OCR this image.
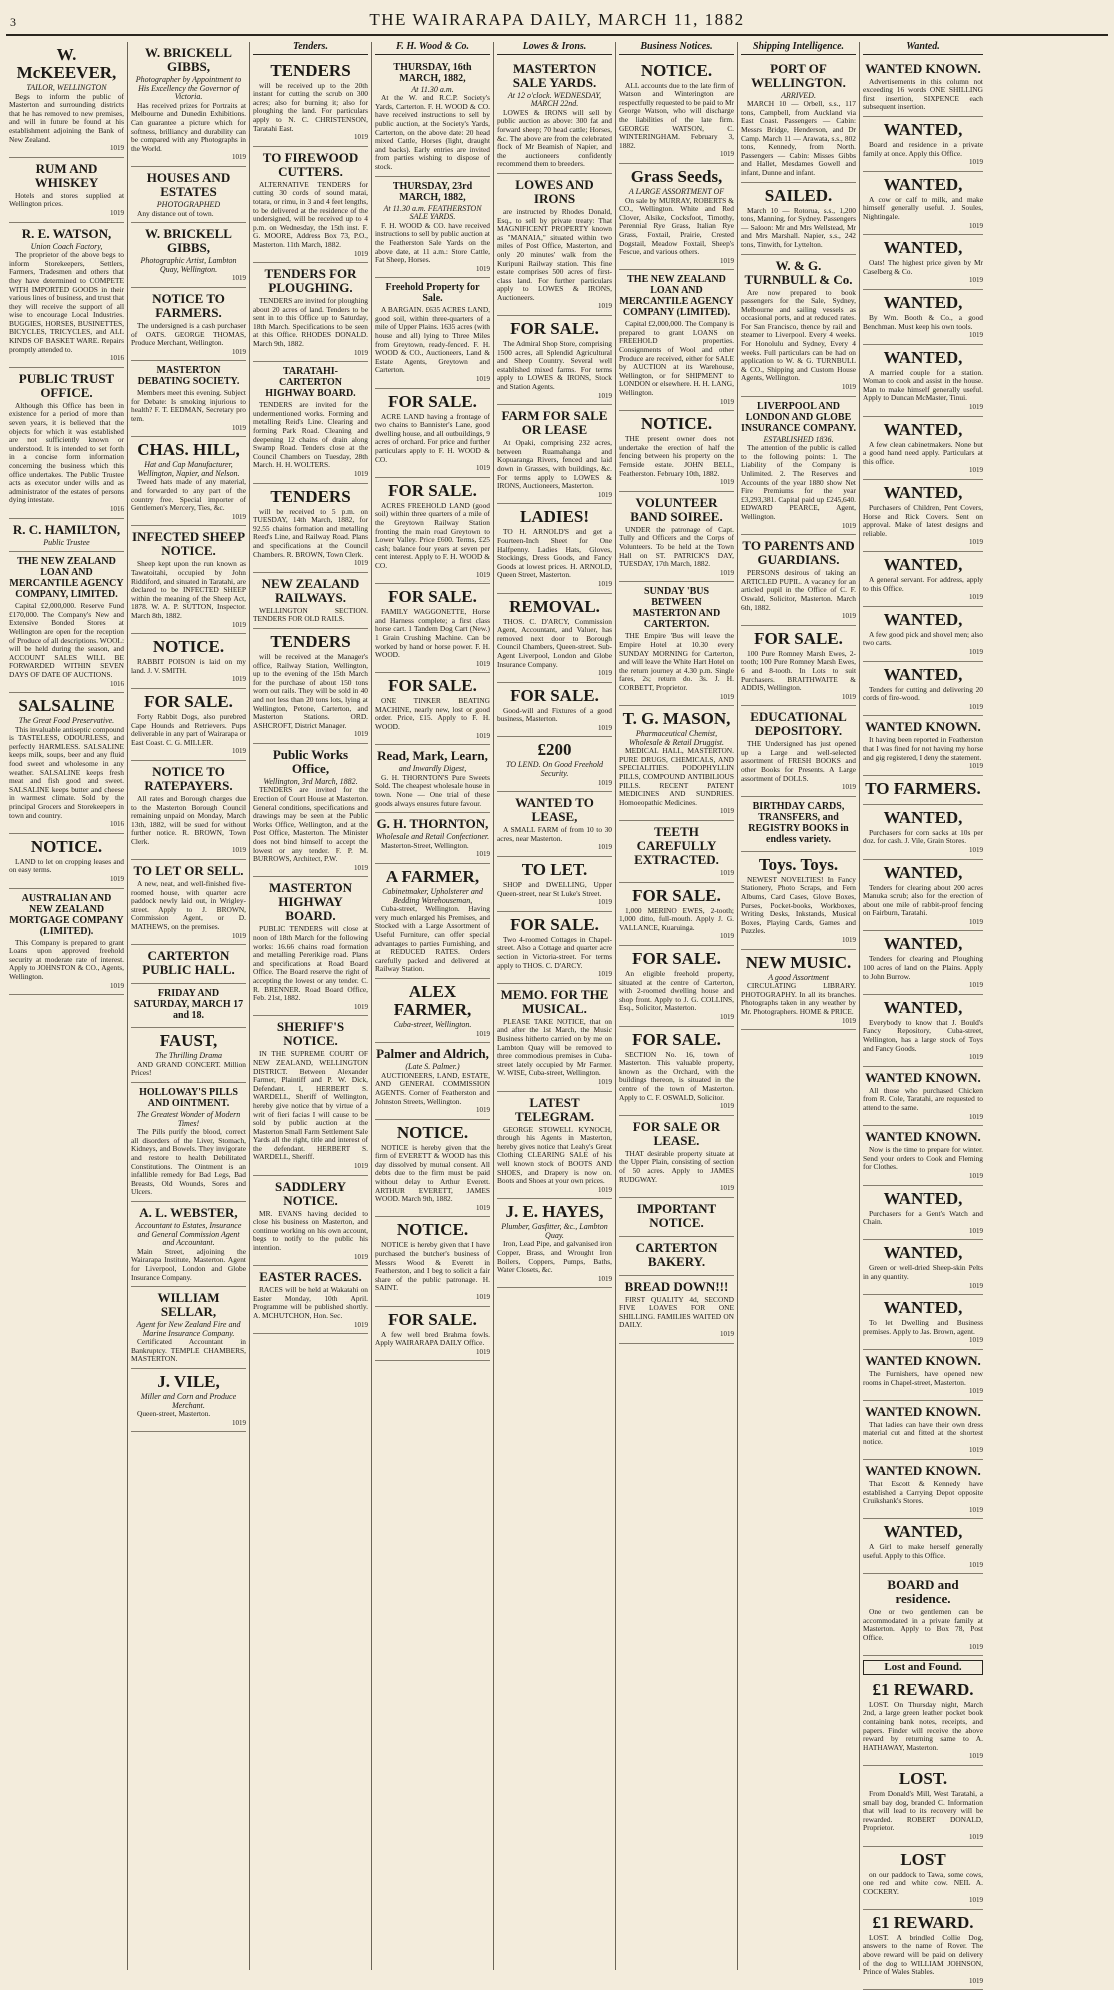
3	THE WAIRARAPA DAILY, MARCH 11, 1882
W. McKEEVER,
TAILOR, WELLINGTON
Begs to inform the public of Masterton and surrounding districts that he has removed to new premises, and will in future be found at his establishment adjoining the Bank of New Zealand.
1019
RUM AND WHISKEY
Hotels and stores supplied at Wellington prices.
1019
R. E. WATSON,
Union Coach Factory,
The proprietor of the above begs to inform Storekeepers, Settlers, Farmers, Tradesmen and others that they have determined to COMPETE WITH IMPORTED GOODS in their various lines of business, and trust that they will receive the support of all wise to encourage Local Industries. BUGGIES, HORSES, BUSINETTES, BICYCLES, TRICYCLES, and ALL KINDS OF BASKET WARE. Repairs promptly attended to.
1016
PUBLIC TRUST OFFICE.
Although this Office has been in existence for a period of more than seven years, it is believed that the objects for which it was established are not sufficiently known or understood. It is intended to set forth in a concise form information concerning the business which this office undertakes. The Public Trustee acts as executor under wills and as administrator of the estates of persons dying intestate.
1016
R. C. HAMILTON,
Public Trustee
THE NEW ZEALAND LOAN AND MERCANTILE AGENCY COMPANY, LIMITED.
Capital £2,000,000. Reserve Fund £170,000. The Company's New and Extensive Bonded Stores at Wellington are open for the reception of Produce of all descriptions. WOOL: will be held during the season, and ACCOUNT SALES WILL BE FORWARDED WITHIN SEVEN DAYS OF DATE OF AUCTIONS.
1016
SALSALINE
The Great Food Preservative.
This invaluable antiseptic compound is TASTELESS, ODOURLESS, and perfectly HARMLESS. SALSALINE keeps milk, soups, beer and any fluid food sweet and wholesome in any weather. SALSALINE keeps fresh meat and fish good and sweet. SALSALINE keeps butter and cheese in warmest climate. Sold by the principal Grocers and Storekeepers in town and country.
1016
NOTICE.
LAND to let on cropping leases and on easy terms.
1019
AUSTRALIAN AND NEW ZEALAND MORTGAGE COMPANY (LIMITED).
This Company is prepared to grant Loans upon approved freehold security at moderate rate of interest. Apply to JOHNSTON & CO., Agents, Wellington.
1019
W. BRICKELL GIBBS,
Photographer by Appointment to His Excellency the Governor of Victoria.
Has received prizes for Portraits at Melbourne and Dunedin Exhibitions. Can guarantee a picture which for softness, brilliancy and durability can be compared with any Photographs in the World.
1019
HOUSES AND ESTATES
PHOTOGRAPHED
Any distance out of town.
W. BRICKELL GIBBS,
Photographic Artist, Lambton Quay, Wellington.
1019
NOTICE TO FARMERS.
The undersigned is a cash purchaser of OATS. GEORGE THOMAS, Produce Merchant, Wellington.
1019
MASTERTON DEBATING SOCIETY.
Members meet this evening. Subject for Debate: Is smoking injurious to health? F. T. EEDMAN, Secretary pro tem.
1019
CHAS. HILL,
Hat and Cap Manufacturer, Wellington, Napier, and Nelson.
Tweed hats made of any material, and forwarded to any part of the country free. Special importer of Gentlemen's Mercery, Ties, &c.
1019
INFECTED SHEEP NOTICE.
Sheep kept upon the run known as Tawatoitahi, occupied by John Riddiford, and situated in Taratahi, are declared to be INFECTED SHEEP within the meaning of the Sheep Act, 1878. W. A. P. SUTTON, Inspector. March 8th, 1882.
1019
NOTICE.
RABBIT POISON is laid on my land. J. V. SMITH.
1019
FOR SALE.
Forty Rabbit Dogs, also purebred Cape Hounds and Retrievers. Pups deliverable in any part of Wairarapa or East Coast. C. G. MILLER.
1019
NOTICE TO RATEPAYERS.
All rates and Borough charges due to the Masterton Borough Council remaining unpaid on Monday, March 13th, 1882, will be sued for without further notice. R. BROWN, Town Clerk.
1019
TO LET OR SELL.
A new, neat, and well-finished five-roomed house, with quarter acre paddock newly laid out, in Wrigley-street. Apply to J. BROWN, Commission Agent, or D. MATHEWS, on the premises.
1019
CARTERTON PUBLIC HALL.
FRIDAY AND SATURDAY, MARCH 17 and 18.
FAUST,
The Thrilling Drama
AND GRAND CONCERT. Million Prices!
HOLLOWAY'S PILLS AND OINTMENT.
The Greatest Wonder of Modern Times!
The Pills purify the blood, correct all disorders of the Liver, Stomach, Kidneys, and Bowels. They invigorate and restore to health Debilitated Constitutions. The Ointment is an infallible remedy for Bad Legs, Bad Breasts, Old Wounds, Sores and Ulcers.
A. L. WEBSTER,
Accountant to Estates, Insurance and General Commission Agent and Accountant.
Main Street, adjoining the Wairarapa Institute, Masterton. Agent for Liverpool, London and Globe Insurance Company.
WILLIAM SELLAR,
Agent for New Zealand Fire and Marine Insurance Company.
Certificated Accountant in Bankruptcy. TEMPLE CHAMBERS, MASTERTON.
J. VILE,
Miller and Corn and Produce Merchant.
Queen-street, Masterton.
1019
Tenders.
TENDERS
will be received up to the 20th instant for cutting the scrub on 300 acres; also for burning it; also for ploughing the land. For particulars apply to N. C. CHRISTENSON, Taratahi East.
1019
TO FIREWOOD CUTTERS.
ALTERNATIVE TENDERS for cutting 30 cords of sound matai, totara, or rimu, in 3 and 4 feet lengths, to be delivered at the residence of the undersigned, will be received up to 4 p.m. on Wednesday, the 15th inst. F. G. MOORE, Address Box 73, P.O., Masterton. 11th March, 1882.
1019
TENDERS FOR PLOUGHING.
TENDERS are invited for ploughing about 20 acres of land. Tenders to be sent in to this Office up to Saturday, 18th March. Specifications to be seen at this Office. RHODES DONALD. March 9th, 1882.
1019
TARATAHI-CARTERTON HIGHWAY BOARD.
TENDERS are invited for the undermentioned works. Forming and metalling Reid's Line. Clearing and forming Park Road. Cleaning and deepening 12 chains of drain along Swamp Road. Tenders close at the Council Chambers on Tuesday, 28th March. H. H. WOLTERS.
1019
TENDERS
will be received to 5 p.m. on TUESDAY, 14th March, 1882, for 92.55 chains formation and metalling Reed's Line, and Railway Road. Plans and specifications at the Council Chambers. R. BROWN, Town Clerk.
1019
NEW ZEALAND RAILWAYS.
WELLINGTON SECTION. TENDERS FOR OLD RAILS.
TENDERS
will be received at the Manager's office, Railway Station, Wellington, up to the evening of the 15th March for the purchase of about 150 tons worn out rails. They will be sold in 40 and not less than 20 tons lots, lying at Wellington, Petone, Carterton, and Masterton Stations. ORD. ASHCROFT, District Manager.
1019
Public Works Office,
Wellington, 3rd March, 1882.
TENDERS are invited for the Erection of Court House at Masterton. General conditions, specifications and drawings may be seen at the Public Works Office, Wellington, and at the Post Office, Masterton. The Minister does not bind himself to accept the lowest or any tender. F. P. M. BURROWS, Architect, P.W.
1019
MASTERTON HIGHWAY BOARD.
PUBLIC TENDERS will close at noon of 18th March for the following works: 16.66 chains road formation and metalling Pererikige road. Plans and specifications at Road Board Office. The Board reserve the right of accepting the lowest or any tender. C. R. BRENNER. Road Board Office, Feb. 21st, 1882.
1019
SHERIFF'S NOTICE.
IN THE SUPREME COURT OF NEW ZEALAND, WELLINGTON DISTRICT. Between Alexander Farmer, Plaintiff and P. W. Dick, Defendant. I, HERBERT S. WARDELL, Sheriff of Wellington, hereby give notice that by virtue of a writ of fieri facias I will cause to be sold by public auction at the Masterton Small Farm Settlement Sale Yards all the right, title and interest of the defendant. HERBERT S. WARDELL, Sheriff.
1019
SADDLERY NOTICE.
MR. EVANS having decided to close his business on Masterton, and continue working on his own account, begs to notify to the public his intention.
1019
EASTER RACES.
RACES will be held at Wakatahi on Easter Monday, 10th April. Programme will be published shortly. A. MCHUTCHON, Hon. Sec.
1019
F. H. Wood & Co.
THURSDAY, 16th MARCH, 1882,
At 11.30 a.m.
At the W. and R.C.P. Society's Yards, Carterton. F. H. WOOD & CO. have received instructions to sell by public auction, at the Society's Yards, Carterton, on the above date: 20 head mixed Cattle, Horses (light, draught and backs). Early entries are invited from parties wishing to dispose of stock.
THURSDAY, 23rd MARCH, 1882,
At 11.30 a.m. FEATHERSTON SALE YARDS.
F. H. WOOD & CO. have received instructions to sell by public auction at the Featherston Sale Yards on the above date, at 11 a.m.: Store Cattle, Fat Sheep, Horses.
1019
Freehold Property for Sale.
A BARGAIN. £635 ACRES LAND, good soil, within three-quarters of a mile of Upper Plains. 1635 acres (with house and all) lying to Three Miles from Greytown, ready-fenced. F. H. WOOD & CO., Auctioneers, Land & Estate Agents, Greytown and Carterton.
1019
FOR SALE.
ACRE LAND having a frontage of two chains to Bannister's Lane, good dwelling house, and all outbuildings, 9 acres of orchard. For price and further particulars apply to F. H. WOOD & CO.
1019
FOR SALE.
ACRES FREEHOLD LAND (good soil) within three quarters of a mile of the Greytown Railway Station fronting the main road Greytown to Lower Valley. Price £600. Terms, £25 cash; balance four years at seven per cent interest. Apply to F. H. WOOD & CO.
1019
FOR SALE.
FAMILY WAGGONETTE, Horse and Harness complete; a first class horse cart. 1 Tandem Dog Cart (New.) 1 Grain Crushing Machine. Can be worked by hand or horse power. F. H. WOOD.
1019
FOR SALE.
ONE TINKER BEATING MACHINE, nearly new, lost or good order. Price, £15. Apply to F. H. WOOD.
1019
Read, Mark, Learn,
and Inwardly Digest,
G. H. THORNTON'S Pure Sweets Sold. The cheapest wholesale house in town. None — One trial of these goods always ensures future favour.
G. H. THORNTON,
Wholesale and Retail Confectioner.
Masterton-Street, Wellington.
1019
A FARMER,
Cabinetmaker, Upholsterer and Bedding Warehouseman,
Cuba-street, Wellington. Having very much enlarged his Premises, and Stocked with a Large Assortment of Useful Furniture, can offer special advantages to parties Furnishing, and at REDUCED RATES. Orders carefully packed and delivered at Railway Station.
ALEX FARMER,
Cuba-street, Wellington.
1019
Palmer and Aldrich,
(Late S. Palmer.)
AUCTIONEERS, LAND, ESTATE, AND GENERAL COMMISSION AGENTS. Corner of Featherston and Johnston Streets, Wellington.
1019
NOTICE.
NOTICE is hereby given that the firm of EVERETT & WOOD has this day dissolved by mutual consent. All debts due to the firm must be paid without delay to Arthur Everett. ARTHUR EVERETT, JAMES WOOD. March 9th, 1882.
1019
NOTICE.
NOTICE is hereby given that I have purchased the butcher's business of Messrs Wood & Everett in Featherston, and I beg to solicit a fair share of the public patronage. H. SAINT.
1019
FOR SALE.
A few well bred Brahma fowls. Apply WAIRARAPA DAILY Office.
1019
Lowes & Irons.
MASTERTON SALE YARDS.
At 12 o'clock. WEDNESDAY, MARCH 22nd.
LOWES & IRONS will sell by public auction as above: 300 fat and forward sheep; 70 head cattle; Horses, &c. The above are from the celebrated flock of Mr Beamish of Napier, and the auctioneers confidently recommend them to breeders.
LOWES AND IRONS
are instructed by Rhodes Donald, Esq., to sell by private treaty: That MAGNIFICENT PROPERTY known as "MANAIA," situated within two miles of Post Office, Masterton, and only 20 minutes' walk from the Kuripuni Railway station. This fine estate comprises 500 acres of first-class land. For further particulars apply to LOWES & IRONS, Auctioneers.
1019
FOR SALE.
The Admiral Shop Store, comprising 1500 acres, all Splendid Agricultural and Sheep Country. Several well established mixed farms. For terms apply to LOWES & IRONS, Stock and Station Agents.
1019
FARM FOR SALE OR LEASE
At Opaki, comprising 232 acres, between Ruamahanga and Kopuaranga Rivers, fenced and laid down in Grasses, with buildings, &c. For terms apply to LOWES & IRONS, Auctioneers, Masterton.
1019
LADIES!
TO H. ARNOLD'S and get a Fourteen-Inch Sheet for One Halfpenny. Ladies Hats, Gloves, Stockings, Dress Goods, and Fancy Goods at lowest prices. H. ARNOLD, Queen Street, Masterton.
1019
REMOVAL.
THOS. C. D'ARCY, Commission Agent, Accountant, and Valuer, has removed next door to Borough Council Chambers, Queen-street. Sub-Agent Liverpool, London and Globe Insurance Company.
1019
FOR SALE.
Good-will and Fixtures of a good business, Masterton.
1019
£200
TO LEND. On Good Freehold Security.
1019
WANTED TO LEASE,
A SMALL FARM of from 10 to 30 acres, near Masterton.
1019
TO LET.
SHOP and DWELLING, Upper Queen-street, near St Luke's Street.
1019
FOR SALE.
Two 4-roomed Cottages in Chapel-street. Also a Cottage and quarter acre section in Victoria-street. For terms apply to THOS. C. D'ARCY.
1019
MEMO. FOR THE MUSICAL.
PLEASE TAKE NOTICE, that on and after the 1st March, the Music Business hitherto carried on by me on Lambton Quay will be removed to three commodious premises in Cuba-street lately occupied by Mr Farmer. W. WISE, Cuba-street, Wellington.
1019
LATEST TELEGRAM.
GEORGE STOWELL KYNOCH, through his Agents in Masterton, hereby gives notice that Leahy's Great Clothing CLEARING SALE of his well known stock of BOOTS AND SHOES, and Drapery is now on. Boots and Shoes at your own prices.
1019
J. E. HAYES,
Plumber, Gasfitter, &c., Lambton Quay.
Iron, Lead Pipe, and galvanised iron Copper, Brass, and Wrought Iron Boilers, Coppers, Pumps, Baths, Water Closets, &c.
1019
Business Notices.
NOTICE.
ALL accounts due to the late firm of Watson and Winterington are respectfully requested to be paid to Mr George Watson, who will discharge the liabilities of the late firm. GEORGE WATSON, C. WINTERINGHAM. February 3, 1882.
1019
Grass Seeds,
A LARGE ASSORTMENT OF
On sale by MURRAY, ROBERTS & CO., Wellington. White and Red Clover, Alsike, Cocksfoot, Timothy, Perennial Rye Grass, Italian Rye Grass, Foxtail, Prairie, Crested Dogstail, Meadow Foxtail, Sheep's Fescue, and various others.
1019
THE NEW ZEALAND LOAN AND MERCANTILE AGENCY COMPANY (LIMITED).
Capital £2,000,000. The Company is prepared to grant LOANS on FREEHOLD properties. Consignments of Wool and other Produce are received, either for SALE by AUCTION at its Warehouse, Wellington, or for SHIPMENT to LONDON or elsewhere. H. H. LANG, Wellington.
1019
NOTICE.
THE present owner does not undertake the erection of half the fencing between his property on the Fernside estate. JOHN BELL, Featherston. February 10th, 1882.
1019
VOLUNTEER BAND SOIREE.
UNDER the patronage of Capt. Tully and Officers and the Corps of Volunteers. To be held at the Town Hall on ST. PATRICK'S DAY, TUESDAY, 17th March, 1882.
1019
SUNDAY 'BUS BETWEEN MASTERTON AND CARTERTON.
THE Empire 'Bus will leave the Empire Hotel at 10.30 every SUNDAY MORNING for Carterton, and will leave the White Hart Hotel on the return journey at 4.30 p.m. Single fares, 2s; return do. 3s. J. H. CORBETT, Proprietor.
1019
T. G. MASON,
Pharmaceutical Chemist, Wholesale & Retail Druggist.
MEDICAL HALL, MASTERTON. PURE DRUGS, CHEMICALS, AND SPECIALITIES. PODOPHYLLIN PILLS, COMPOUND ANTIBILIOUS PILLS. RECENT PATENT MEDICINES AND SUNDRIES. Homoeopathic Medicines.
1019
TEETH CAREFULLY EXTRACTED.
1019
FOR SALE.
1,000 MERINO EWES, 2-tooth; 1,000 ditto, full-mouth. Apply J. G. VALLANCE, Kuaruinga.
1019
FOR SALE.
An eligible freehold property, situated at the centre of Carterton, with 2-roomed dwelling house and shop front. Apply to J. G. COLLINS, Esq., Solicitor, Masterton.
1019
FOR SALE.
SECTION No. 16, town of Masterton. This valuable property, known as the Orchard, with the buildings thereon, is situated in the centre of the town of Masterton. Apply to C. F. OSWALD, Solicitor.
1019
FOR SALE OR LEASE.
THAT desirable property situate at the Upper Plain, consisting of section of 50 acres. Apply to JAMES RUDGWAY.
1019
IMPORTANT NOTICE.
CARTERTON BAKERY.
BREAD DOWN!!!
FIRST QUALITY 4d, SECOND FIVE LOAVES FOR ONE SHILLING. FAMILIES WAITED ON DAILY.
1019
Shipping Intelligence.
PORT OF WELLINGTON.
ARRIVED.
MARCH 10 — Orbell, s.s., 117 tons, Campbell, from Auckland via East Coast. Passengers — Cabin: Messrs Bridge, Henderson, and Dr Camp. March 11 — Arawata, s.s., 802 tons, Kennedy, from North. Passengers — Cabin: Misses Gibbs and Hallet, Mesdames Gowell and infant, Dunne and infant.
SAILED.
March 10 — Rotorua, s.s., 1,200 tons, Manning, for Sydney. Passengers — Saloon: Mr and Mrs Wellstead, Mr and Mrs Marshall. Napier, s.s., 242 tons, Tinwith, for Lyttelton.
W. & G. TURNBULL & Co.
Are now prepared to book passengers for the Sale, Sydney, Melbourne and sailing vessels as occasional ports, and at reduced rates. For San Francisco, thence by rail and steamer to Liverpool. Every 4 weeks. For Honolulu and Sydney, Every 4 weeks. Full particulars can be had on application to W. & G. TURNBULL & CO., Shipping and Custom House Agents, Wellington.
1019
LIVERPOOL AND LONDON AND GLOBE INSURANCE COMPANY.
ESTABLISHED 1836.
The attention of the public is called to the following points: 1. The Liability of the Company is Unlimited. 2. The Reserves and Accounts of the year 1880 show Net Fire Premiums for the year £3,293,381. Capital paid up £245,640. EDWARD PEARCE, Agent, Wellington.
1019
TO PARENTS AND GUARDIANS.
PERSONS desirous of taking an ARTICLED PUPIL. A vacancy for an articled pupil in the Office of C. F. Oswald, Solicitor, Masterton. March 6th, 1882.
1019
FOR SALE.
100 Pure Romney Marsh Ewes, 2-tooth; 100 Pure Romney Marsh Ewes, 6 and 8-tooth. In Lots to suit Purchasers. BRAITHWAITE & ADDIS, Wellington.
1019
EDUCATIONAL DEPOSITORY.
THE Undersigned has just opened up a Large and well-selected assortment of FRESH BOOKS and other Books for Presents. A Large assortment of DOLLS.
1019
BIRTHDAY CARDS, TRANSFERS, and REGISTRY BOOKS in endless variety.
Toys. Toys.
NEWEST NOVELTIES! In Fancy Stationery, Photo Scraps, and Fern Albums, Card Cases, Glove Boxes, Purses, Pocket-books, Workboxes, Writing Desks, Inkstands, Musical Boxes, Playing Cards, Games and Puzzles.
1019
NEW MUSIC.
A good Assortment
CIRCULATING LIBRARY. PHOTOGRAPHY. In all its branches. Photographs taken in any weather by Mr. Photographers. HOME & PRICE.
1019
Wanted.
WANTED KNOWN.
Advertisements in this column not exceeding 16 words ONE SHILLING first insertion, SIXPENCE each subsequent insertion.
WANTED,
Board and residence in a private family at once. Apply this Office.
1019
WANTED,
A cow or calf to milk, and make himself generally useful. J. Soules, Nightingale.
1019
WANTED,
Oats! The highest price given by Mr Caselberg & Co.
1019
WANTED,
By Wm. Booth & Co., a good Benchman. Must keep his own tools.
1019
WANTED,
A married couple for a station. Woman to cook and assist in the house. Man to make himself generally useful. Apply to Duncan McMaster, Tinui.
1019
WANTED,
A few clean cabinetmakers. None but a good hand need apply. Particulars at this office.
1019
WANTED,
Purchasers of Children, Pent Covers, Horse and Rick Covers. Sent on approval. Make of latest designs and reliable.
1019
WANTED,
A general servant. For address, apply to this Office.
1019
WANTED,
A few good pick and shovel men; also two carts.
1019
WANTED,
Tenders for cutting and delivering 20 cords of fire-wood.
1019
WANTED KNOWN.
It having been reported in Featherston that I was fined for not having my horse and gig registered, I deny the statement.
1019
TO FARMERS.
WANTED,
Purchasers for corn sacks at 10s per doz. for cash. J. Vile, Grain Stores.
1019
WANTED,
Tenders for clearing about 200 acres Manuka scrub; also for the erection of about one mile of rabbit-proof fencing on Fairburn, Taratahi.
1019
WANTED,
Tenders for clearing and Ploughing 100 acres of land on the Plains. Apply to John Burrow.
1019
WANTED,
Everybody to know that J. Bould's Fancy Repository, Cuba-street, Wellington, has a large stock of Toys and Fancy Goods.
1019
WANTED KNOWN.
All those who purchased Chicken from R. Cole, Taratahi, are requested to attend to the same.
1019
WANTED KNOWN.
Now is the time to prepare for winter. Send your orders to Cook and Fleming for Clothes.
1019
WANTED,
Purchasers for a Gent's Watch and Chain.
1019
WANTED,
Green or well-dried Sheep-skin Pelts in any quantity.
1019
WANTED,
To let Dwelling and Business premises. Apply to Jas. Brown, agent.
1019
WANTED KNOWN.
The Furnishers, have opened new rooms in Chapel-street, Masterton.
1019
WANTED KNOWN.
That ladies can have their own dress material cut and fitted at the shortest notice.
1019
WANTED KNOWN.
That Escott & Kennedy have established a Carrying Depot opposite Cruikshank's Stores.
1019
WANTED,
A Girl to make herself generally useful. Apply to this Office.
1019
BOARD and residence.
One or two gentlemen can be accommodated in a private family at Masterton. Apply to Box 78, Post Office.
1019
Lost and Found.
£1 REWARD.
LOST. On Thursday night, March 2nd, a large green leather pocket book containing bank notes, receipts, and papers. Finder will receive the above reward by returning same to A. HATHAWAY, Masterton.
1019
LOST.
From Donald's Mill, West Taratahi, a small bay dog, branded C. Information that will lead to its recovery will be rewarded. ROBERT DONALD, Proprietor.
1019
LOST
on our paddock to Tawa, some cows, one red and white cow. NEIL A. COCKERY.
1019
£1 REWARD.
LOST. A brindled Collie Dog, answers to the name of Rover. The above reward will be paid on delivery of the dog to WILLIAM JOHNSON, Prince of Wales Stables.
1019
